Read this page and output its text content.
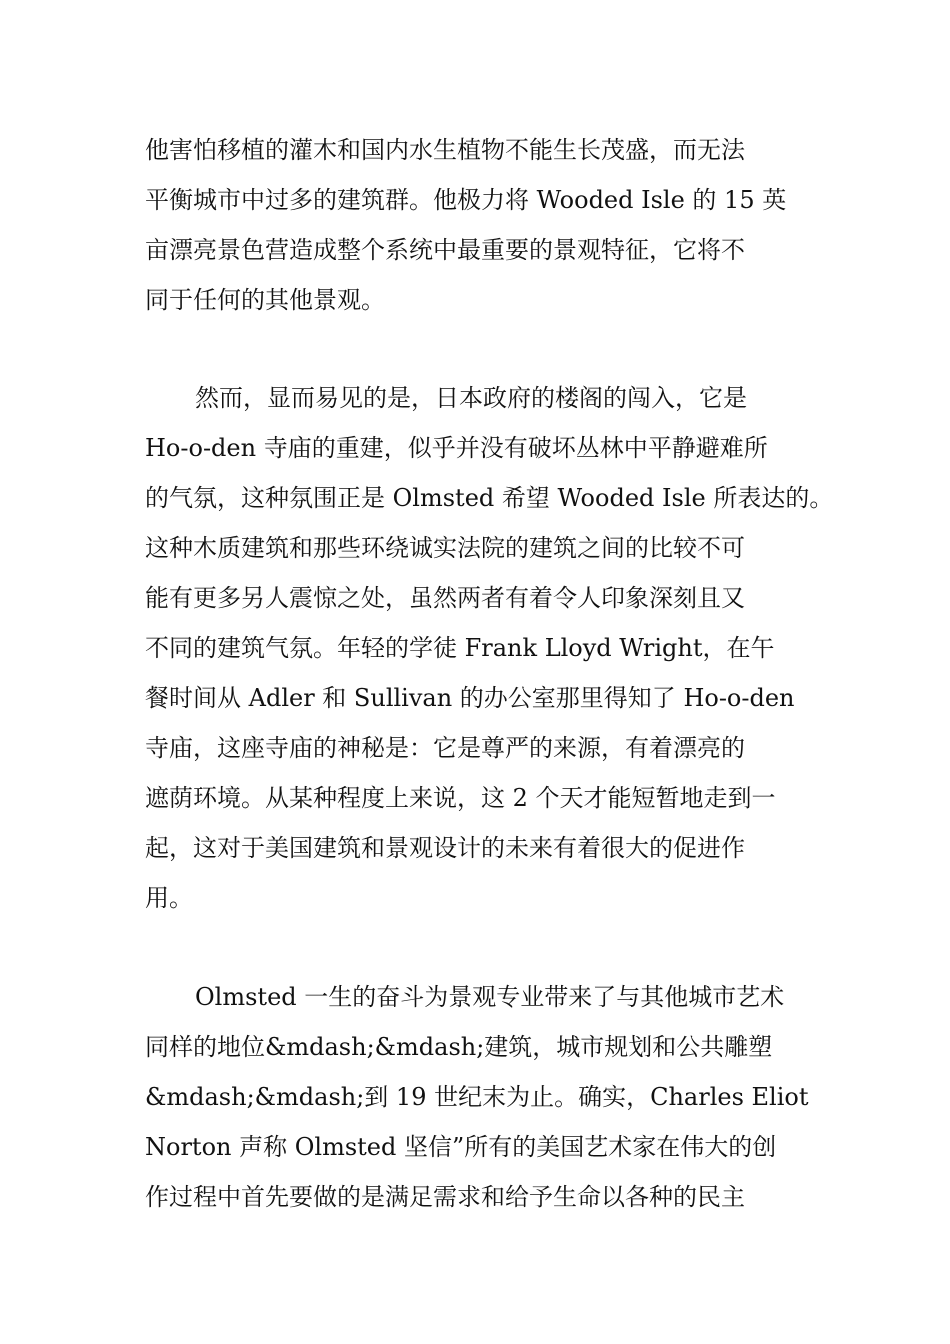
他害怕移植的灌木和国内水生植物不能生长茂盛，而无法
平衡城市中过多的建筑群。他极力将 Wooded Isle 的 15 英
亩漂亮景色营造成整个系统中最重要的景观特征，它将不
同于任何的其他景观。
然而，显而易见的是，日本政府的楼阁的闯入，它是
Ho-o-den 寺庙的重建，似乎并没有破坏丛林中平静避难所
的气氛，这种氛围正是 Olmsted 希望 Wooded Isle 所表达的。
这种木质建筑和那些环绕诚实法院的建筑之间的比较不可
能有更多另人震惊之处，虽然两者有着令人印象深刻且又
不同的建筑气氛。年轻的学徒 Frank Lloyd Wright，在午
餐时间从 Adler 和 Sullivan 的办公室那里得知了 Ho-o-den
寺庙，这座寺庙的神秘是：它是尊严的来源，有着漂亮的
遮荫环境。从某种程度上来说，这 2 个天才能短暂地走到一
起，这对于美国建筑和景观设计的未来有着很大的促进作
用。
Olmsted 一生的奋斗为景观专业带来了与其他城市艺术
同样的地位&mdash;&mdash;建筑，城市规划和公共雕塑
&mdash;&mdash;到 19 世纪末为止。确实，Charles Eliot
Norton 声称 Olmsted 坚信”所有的美国艺术家在伟大的创
作过程中首先要做的是满足需求和给予生命以各种的民主
